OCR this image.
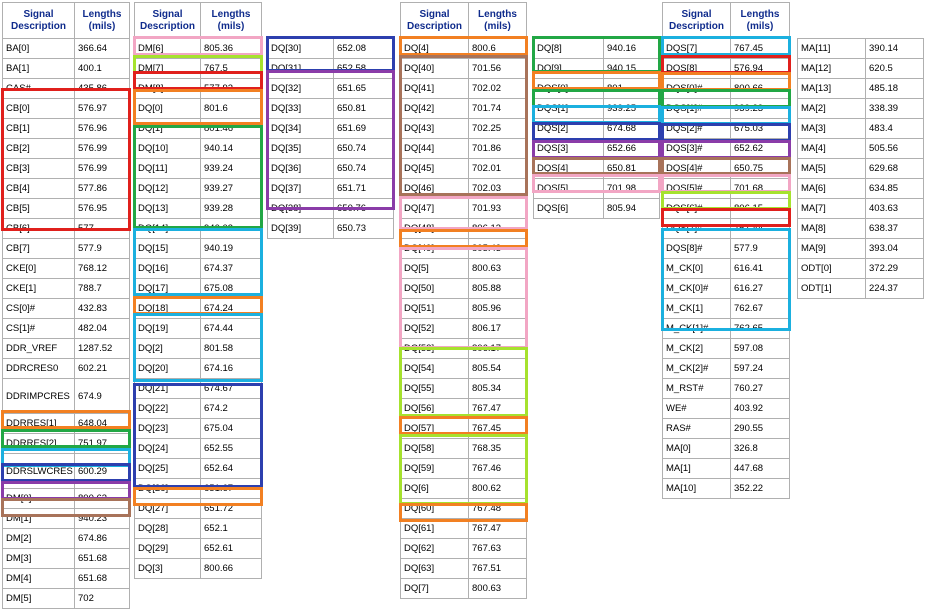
Signal Description	Lengths (mils)
BA[0]	366.64
BA[1]	400.1
CAS#	435.86
CB[0]	576.97
CB[1]	576.96
CB[2]	576.99
CB[3]	576.99
CB[4]	577.86
CB[5]	576.95
CB[6]	577
CB[7]	577.9
CKE[0]	768.12
CKE[1]	788.7
CS[0]#	432.83
CS[1]#	482.04
DDR_VREF	1287.52
DDRCRES0	602.21
DDRIMPCRES	674.9
DDRRES[1]	648.04
DDRRES[2]	751.97
DDRSLWCRES	600.29
DM[0]	800.63
DM[1]	940.23
DM[2]	674.86
DM[3]	651.68
DM[4]	651.68
DM[5]	702
Signal Description	Lengths (mils)
DM[6]	805.36
DM[7]	767.5
DM[8]	577.92
DQ[0]	801.6
DQ[1]	801.46
DQ[10]	940.14
DQ[11]	939.24
DQ[12]	939.27
DQ[13]	939.28
DQ[14]	940.03
DQ[15]	940.19
DQ[16]	674.37
DQ[17]	675.08
DQ[18]	674.24
DQ[19]	674.44
DQ[2]	801.58
DQ[20]	674.16
DQ[21]	674.67
DQ[22]	674.2
DQ[23]	675.04
DQ[24]	652.55
DQ[25]	652.64
DQ[26]	651.67
DQ[27]	651.72
DQ[28]	652.1
DQ[29]	652.61
DQ[3]	800.66
DQ[30]	652.08
DQ[31]	652.58
DQ[32]	651.65
DQ[33]	650.81
DQ[34]	651.69
DQ[35]	650.74
DQ[36]	650.74
DQ[37]	651.71
DQ[38]	650.76
DQ[39]	650.73
Signal Description	Lengths (mils)
DQ[4]	800.6
DQ[40]	701.56
DQ[41]	702.02
DQ[42]	701.74
DQ[43]	702.25
DQ[44]	701.86
DQ[45]	702.01
DQ[46]	702.03
DQ[47]	701.93
DQ[48]	806.13
DQ[49]	805.43
DQ[5]	800.63
DQ[50]	805.88
DQ[51]	805.96
DQ[52]	806.17
DQ[53]	806.17
DQ[54]	805.54
DQ[55]	805.34
DQ[56]	767.47
DQ[57]	767.45
DQ[58]	768.35
DQ[59]	767.46
DQ[6]	800.62
DQ[60]	767.48
DQ[61]	767.47
DQ[62]	767.63
DQ[63]	767.51
DQ[7]	800.63
DQ[8]	940.16
DQ[9]	940.15
DQS[0]	801
DQS[1]	939.25
DQS[2]	674.68
DQS[3]	652.66
DQS[4]	650.81
DQS[5]	701.98
DQS[6]	805.94
Signal Description	Lengths (mils)
DQS[7]	767.45
DQS[8]	576.94
DQS[0]#	800.66
DQS[1]#	939.23
DQS[2]#	675.03
DQS[3]#	652.62
DQS[4]#	650.75
DQS[5]#	701.68
DQS[6]#	806.15
DQS[7]#	767.44
DQS[8]#	577.9
M_CK[0]	616.41
M_CK[0]#	616.27
M_CK[1]	762.67
M_CK[1]#	762.65
M_CK[2]	597.08
M_CK[2]#	597.24
M_RST#	760.27
WE#	403.92
RAS#	290.55
MA[0]	326.8
MA[1]	447.68
MA[10]	352.22
MA[11]	390.14
MA[12]	620.5
MA[13]	485.18
MA[2]	338.39
MA[3]	483.4
MA[4]	505.56
MA[5]	629.68
MA[6]	634.85
MA[7]	403.63
MA[8]	638.37
MA[9]	393.04
ODT[0]	372.29
ODT[1]	224.37
